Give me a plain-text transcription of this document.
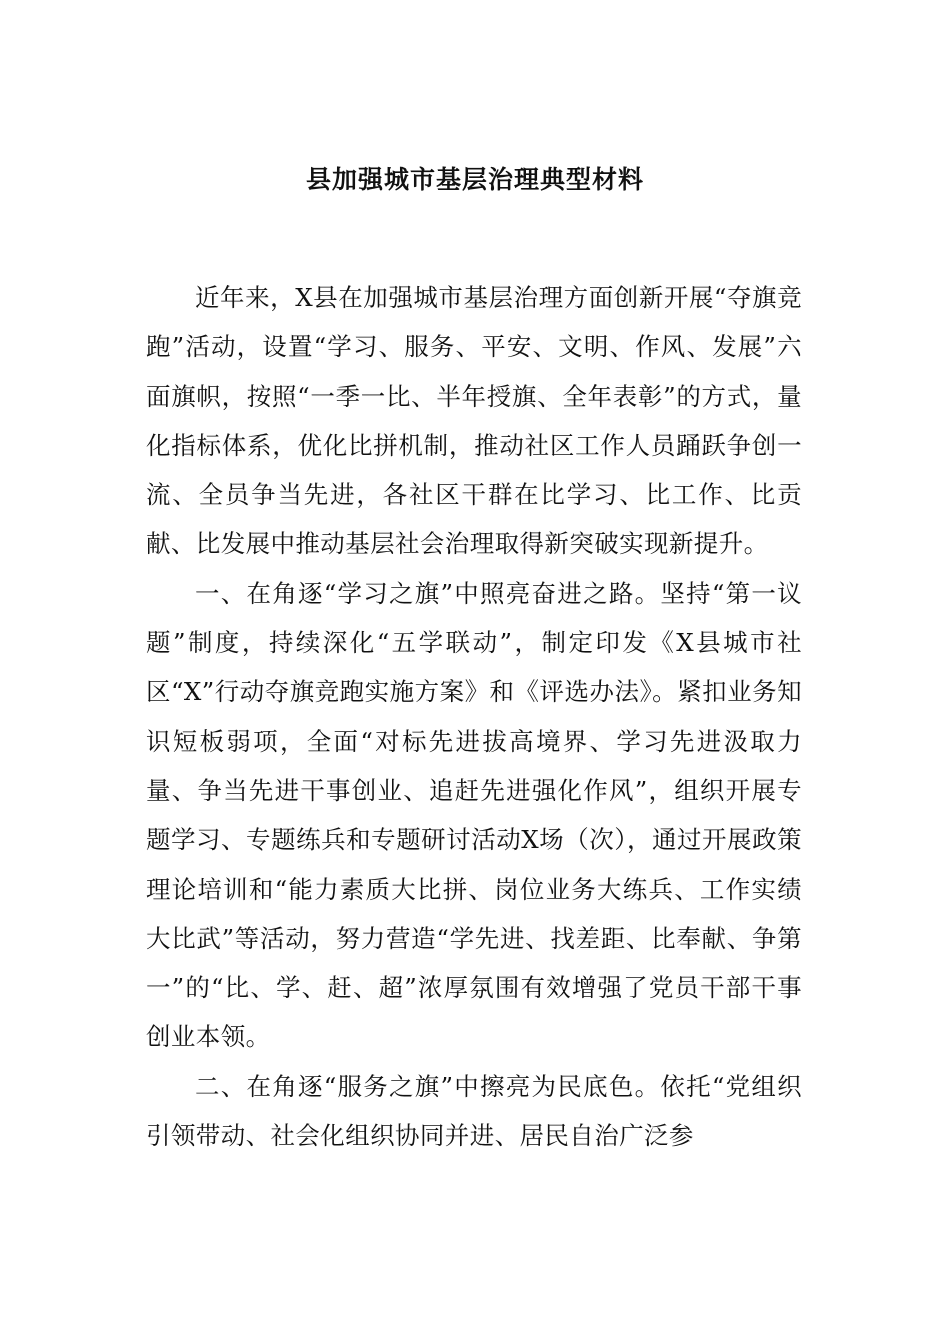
县加强城市基层治理典型材料

近年来，X县在加强城市基层治理方面创新开展“夺旗竞跑”活动，设置“学习、服务、平安、文明、作风、发展”六面旗帜，按照“一季一比、半年授旗、全年表彰”的方式，量化指标体系，优化比拼机制，推动社区工作人员踊跃争创一流、全员争当先进，各社区干群在比学习、比工作、比贡献、比发展中推动基层社会治理取得新突破实现新提升。

一、在角逐“学习之旗”中照亮奋进之路。坚持“第一议题”制度，持续深化“五学联动”，制定印发《X县城市社区“X”行动夺旗竞跑实施方案》和《评选办法》。紧扣业务知识短板弱项，全面“对标先进拔高境界、学习先进汲取力量、争当先进干事创业、追赶先进强化作风”，组织开展专题学习、专题练兵和专题研讨活动X场（次），通过开展政策理论培训和“能力素质大比拼、岗位业务大练兵、工作实绩大比武”等活动，努力营造“学先进、找差距、比奉献、争第一”的“比、学、赶、超”浓厚氛围有效增强了党员干部干事创业本领。

二、在角逐“服务之旗”中擦亮为民底色。依托“党组织引领带动、社会化组织协同并进、居民自治广泛参
